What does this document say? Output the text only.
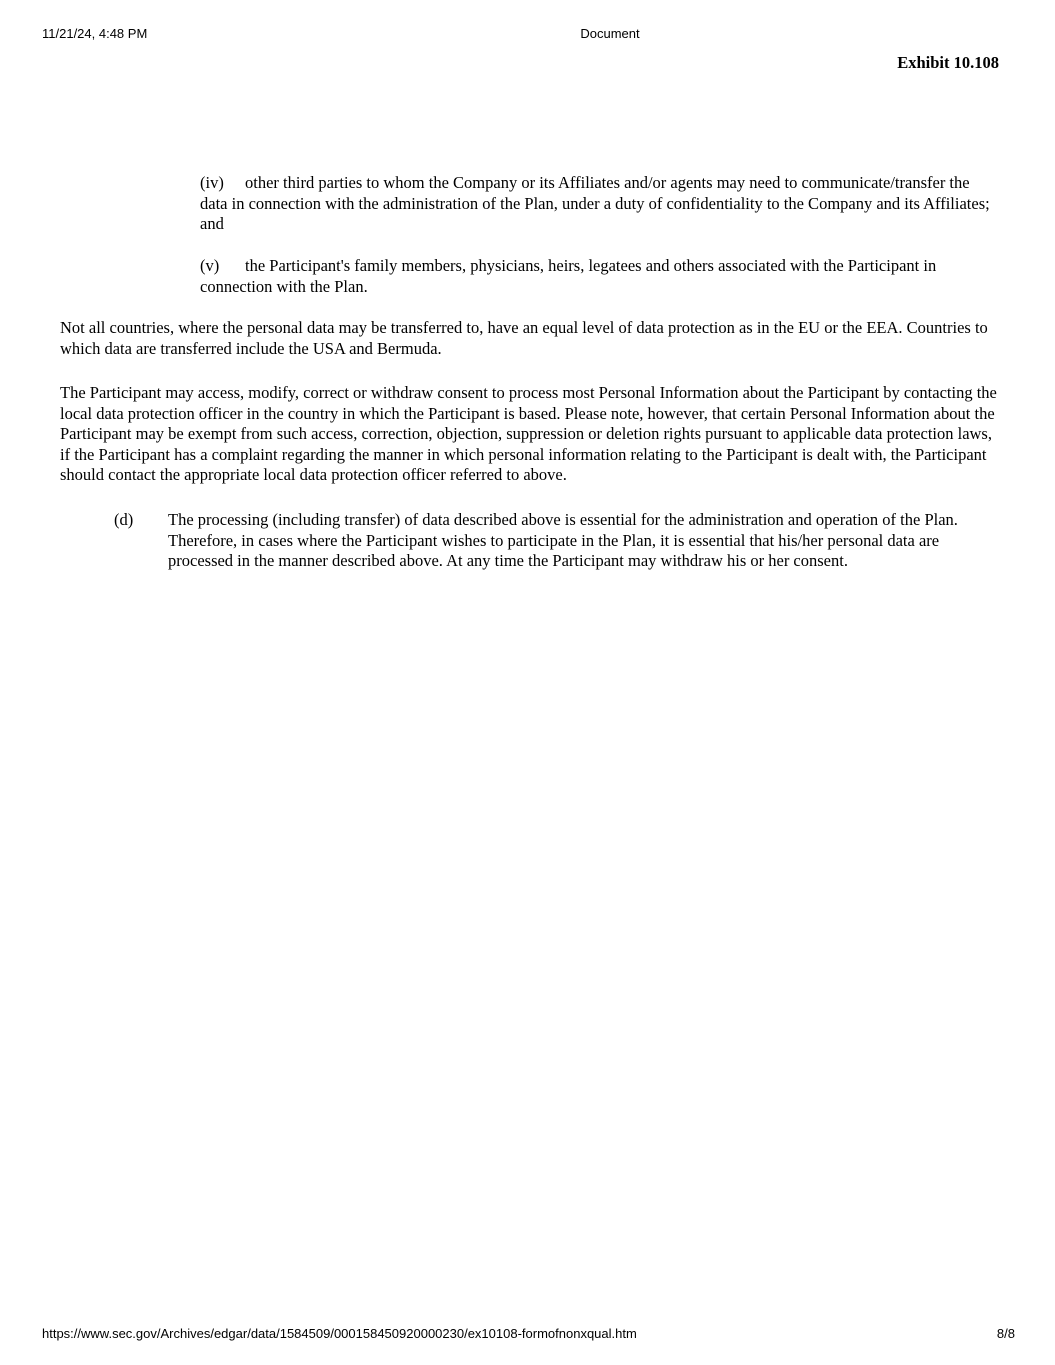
11/21/24, 4:48 PM	Document
Exhibit 10.108

(iv) other third parties to whom the Company or its Affiliates and/or agents may need to communicate/transfer the data in connection with the administration of the Plan, under a duty of confidentiality to the Company and its Affiliates; and

(v) the Participant's family members, physicians, heirs, legatees and others associated with the Participant in connection with the Plan.

Not all countries, where the personal data may be transferred to, have an equal level of data protection as in the EU or the EEA. Countries to which data are transferred include the USA and Bermuda.

The Participant may access, modify, correct or withdraw consent to process most Personal Information about the Participant by contacting the local data protection officer in the country in which the Participant is based. Please note, however, that certain Personal Information about the Participant may be exempt from such access, correction, objection, suppression or deletion rights pursuant to applicable data protection laws, if the Participant has a complaint regarding the manner in which personal information relating to the Participant is dealt with, the Participant should contact the appropriate local data protection officer referred to above.

(d) The processing (including transfer) of data described above is essential for the administration and operation of the Plan. Therefore, in cases where the Participant wishes to participate in the Plan, it is essential that his/her personal data are processed in the manner described above. At any time the Participant may withdraw his or her consent.
https://www.sec.gov/Archives/edgar/data/1584509/000158450920000230/ex10108-formofnonxqual.htm	8/8
